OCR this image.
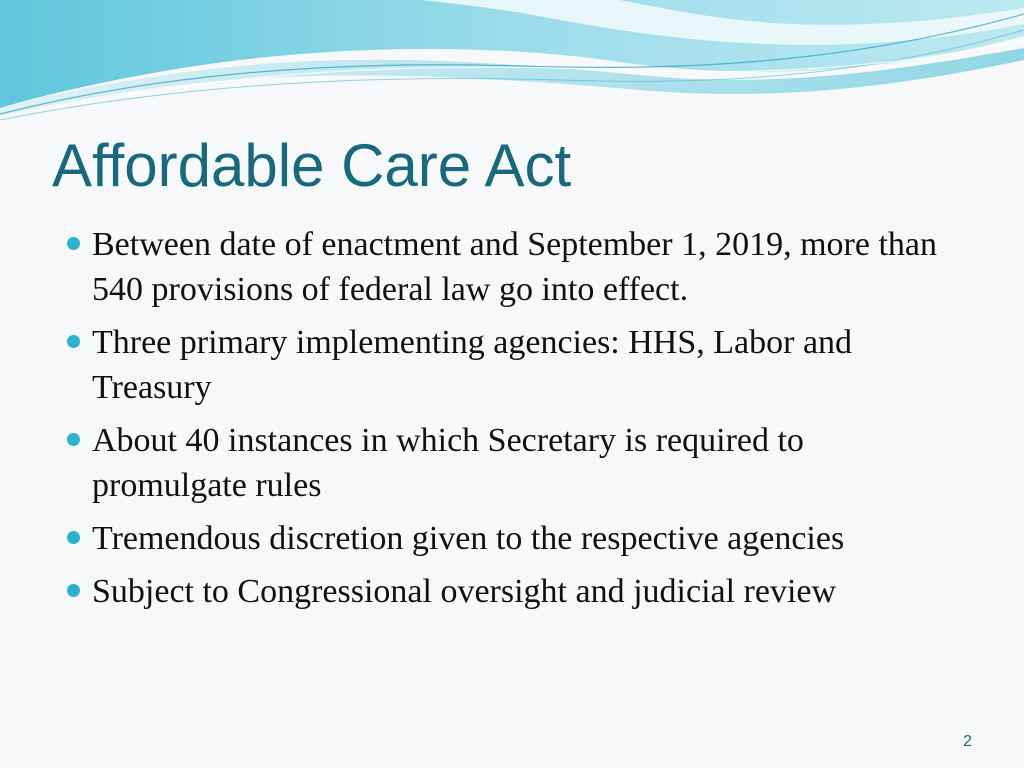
Affordable Care Act
Between date of enactment and September 1, 2019, more than 540 provisions of federal law go into effect.
Three primary implementing agencies: HHS, Labor and Treasury
About 40 instances in which Secretary is required to promulgate rules
Tremendous discretion given to the respective agencies
Subject to Congressional oversight and judicial review
2
